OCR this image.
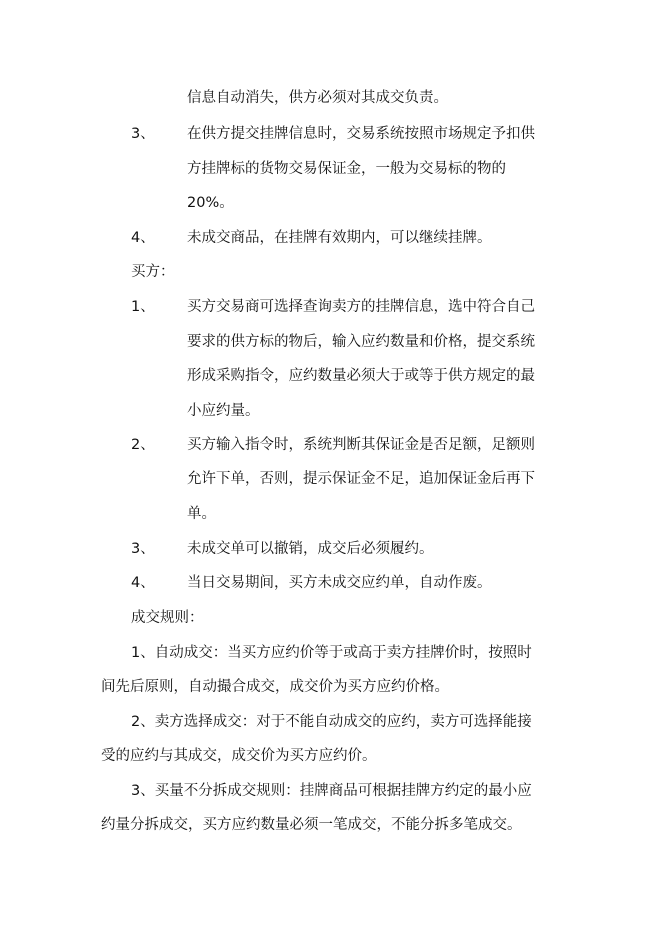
信息自动消失，供方必须对其成交负责。
3、 在供方提交挂牌信息时，交易系统按照市场规定予扣供
方挂牌标的货物交易保证金，一般为交易标的物的
20%。
4、 未成交商品，在挂牌有效期内，可以继续挂牌。
买方：
1、 买方交易商可选择查询卖方的挂牌信息，选中符合自己
要求的供方标的物后，输入应约数量和价格，提交系统
形成采购指令，应约数量必须大于或等于供方规定的最
小应约量。
2、 买方输入指令时，系统判断其保证金是否足额，足额则
允许下单，否则，提示保证金不足，追加保证金后再下
单。
3、 未成交单可以撤销，成交后必须履约。
4、 当日交易期间，买方未成交应约单，自动作废。
成交规则：
1、自动成交：当买方应约价等于或高于卖方挂牌价时，按照时
间先后原则，自动撮合成交，成交价为买方应约价格。
2、卖方选择成交：对于不能自动成交的应约，卖方可选择能接
受的应约与其成交，成交价为买方应约价。
3、买量不分拆成交规则：挂牌商品可根据挂牌方约定的最小应
约量分拆成交，买方应约数量必须一笔成交，不能分拆多笔成交。
